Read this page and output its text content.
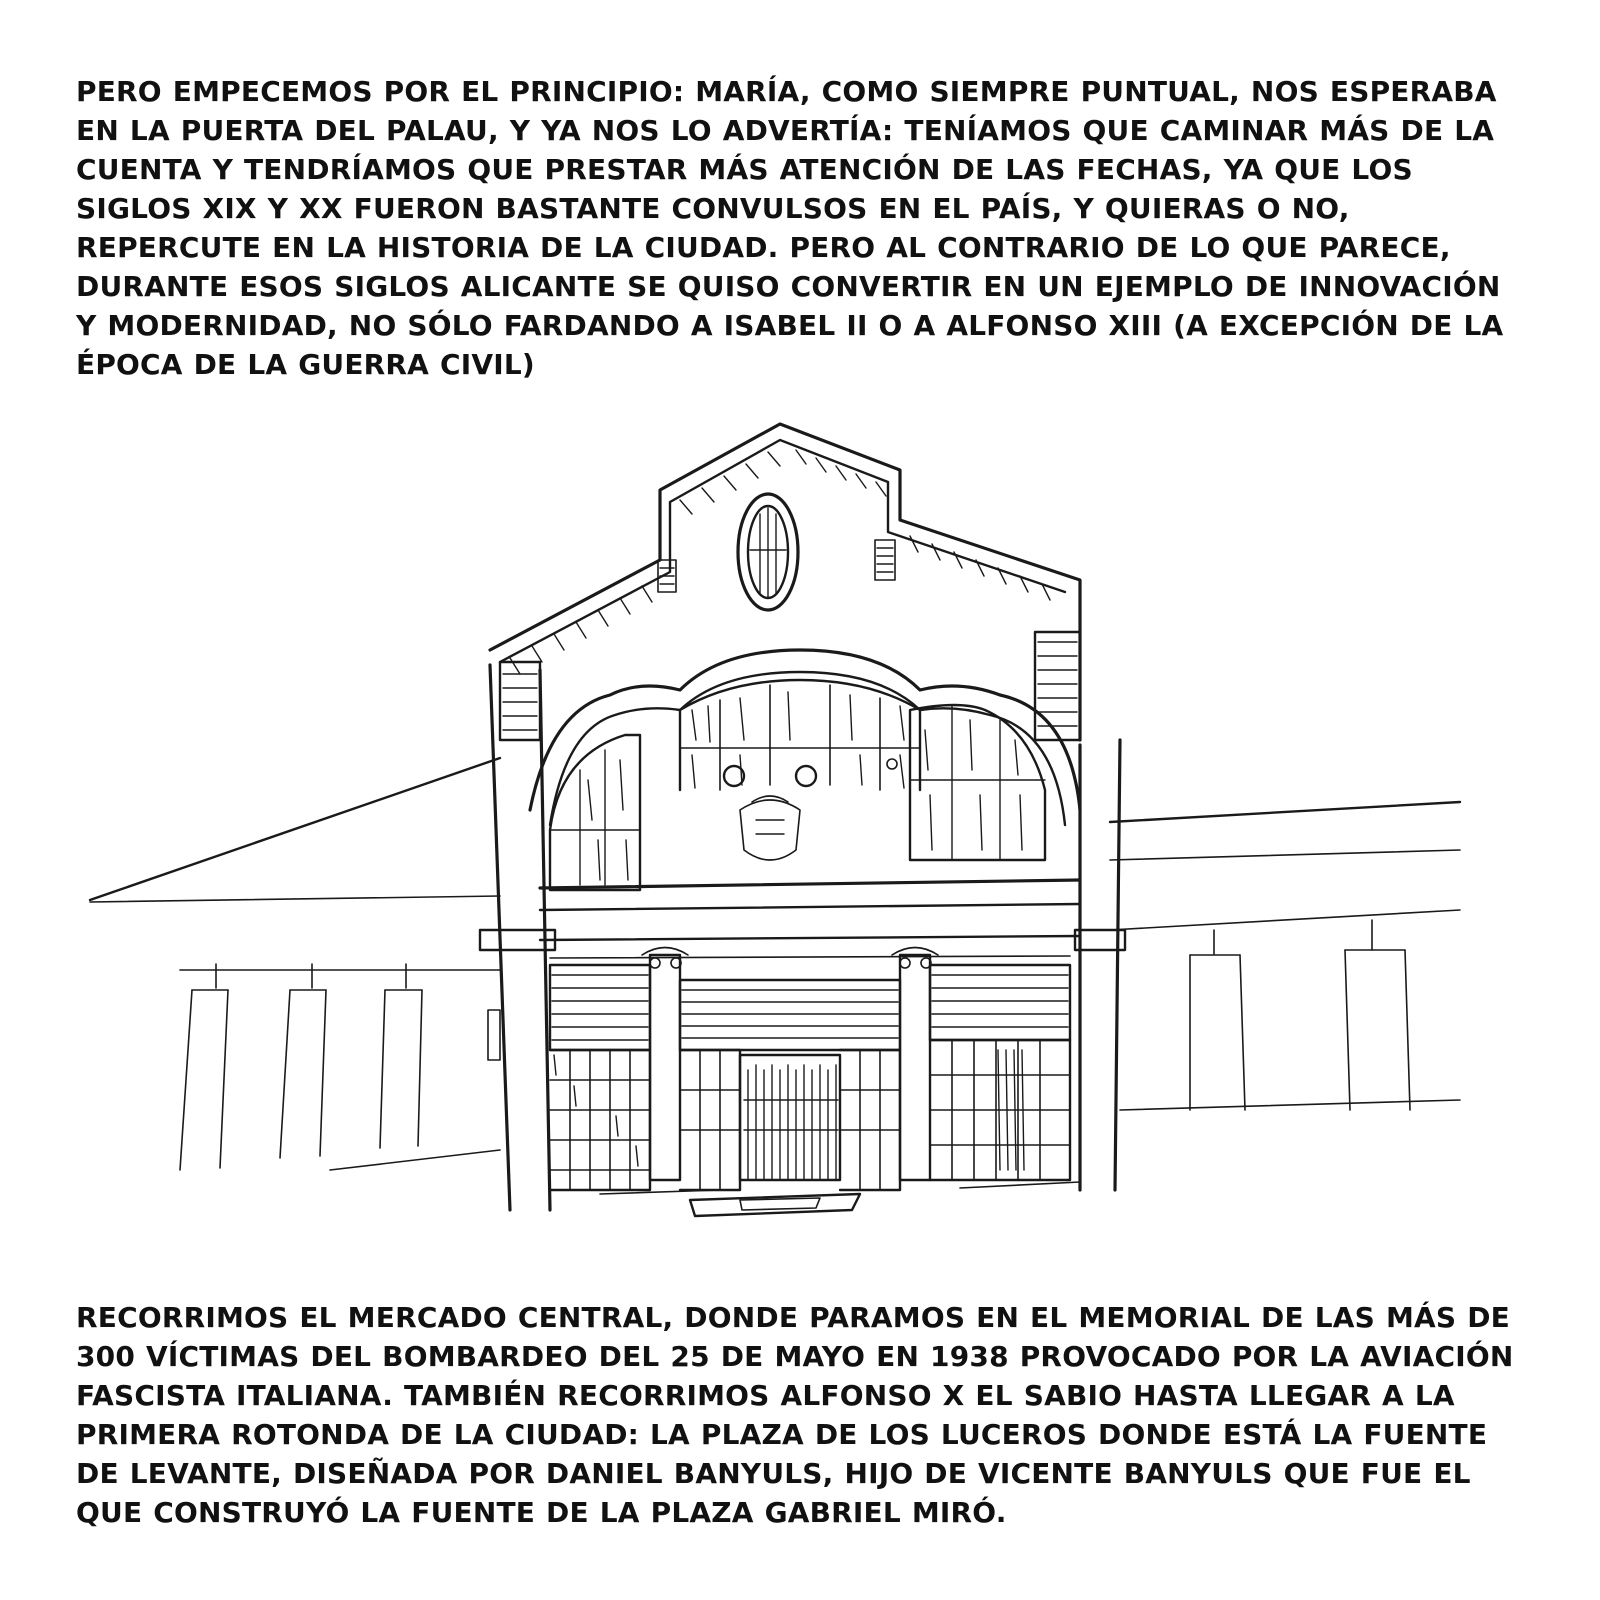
PERO EMPECEMOS POR EL PRINCIPIO: MARÍA, COMO SIEMPRE PUNTUAL, NOS ESPERABA EN LA PUERTA DEL PALAU, Y YA NOS LO ADVERTÍA: TENÍAMOS QUE CAMINAR MÁS DE LA CUENTA Y TENDRÍAMOS QUE PRESTAR MÁS ATENCIÓN DE LAS FECHAS, YA QUE LOS SIGLOS XIX Y XX FUERON BASTANTE CONVULSOS EN EL PAÍS, Y QUIERAS O NO, REPERCUTE EN LA HISTORIA DE LA CIUDAD. PERO AL CONTRARIO DE LO QUE PARECE, DURANTE ESOS SIGLOS ALICANTE SE QUISO CONVERTIR EN UN EJEMPLO DE INNOVACIÓN Y MODERNIDAD, NO SÓLO FARDANDO A ISABEL II O A ALFONSO XIII (A EXCEPCIÓN DE LA ÉPOCA DE LA GUERRA CIVIL)

RECORRIMOS EL MERCADO CENTRAL, DONDE PARAMOS EN EL MEMORIAL DE LAS MÁS DE 300 VÍCTIMAS DEL BOMBARDEO DEL 25 DE MAYO EN 1938 PROVOCADO POR LA AVIACIÓN FASCISTA ITALIANA. TAMBIÉN RECORRIMOS ALFONSO X EL SABIO HASTA LLEGAR A LA PRIMERA ROTONDA DE LA CIUDAD: LA PLAZA DE LOS LUCEROS DONDE ESTÁ LA FUENTE DE LEVANTE, DISEÑADA POR DANIEL BANYULS, HIJO DE VICENTE BANYULS QUE FUE EL QUE CONSTRUYÓ LA FUENTE DE LA PLAZA GABRIEL MIRÓ.
